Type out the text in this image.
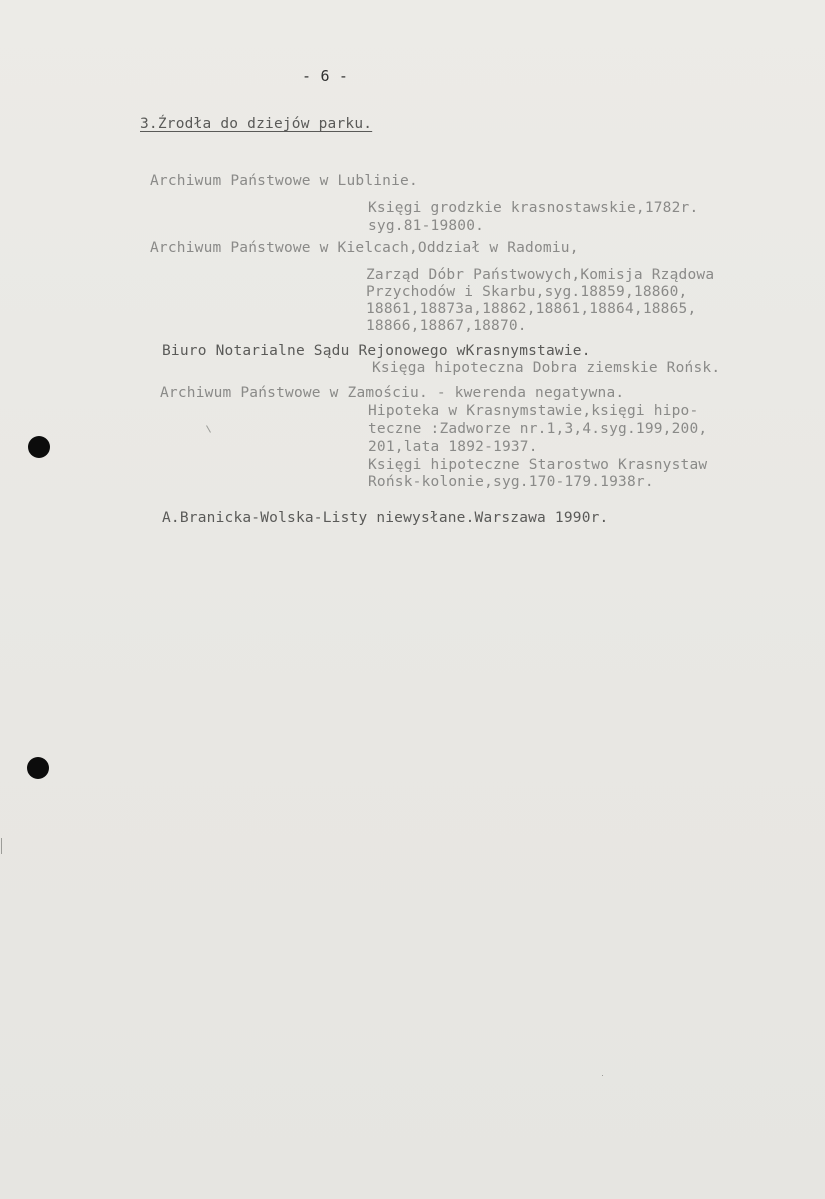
- 6 -
3.Źrodła do dziejów parku.
Archiwum Państwowe w Lublinie.
Księgi grodzkie krasnostawskie,1782r.
syg.81-19800.
Archiwum Państwowe w Kielcach,Oddział w Radomiu,
Zarząd Dóbr Państwowych,Komisja Rządowa
Przychodów i Skarbu,syg.18859,18860,
18861,18873a,18862,18861,18864,18865,
18866,18867,18870.
Biuro Notarialne Sądu Rejonowego wKrasnymstawie.
Księga hipoteczna Dobra ziemskie Rońsk.
Archiwum Państwowe w Zamościu. - kwerenda negatywna.
Hipoteka w Krasnymstawie,księgi hipo-
teczne :Zadworze nr.1,3,4.syg.199,200,
201,lata 1892-1937.
Księgi hipoteczne Starostwo Krasnystaw
Rońsk-kolonie,syg.170-179.1938r.
A.Branicka-Wolska-Listy niewysłane.Warszawa 1990r.
